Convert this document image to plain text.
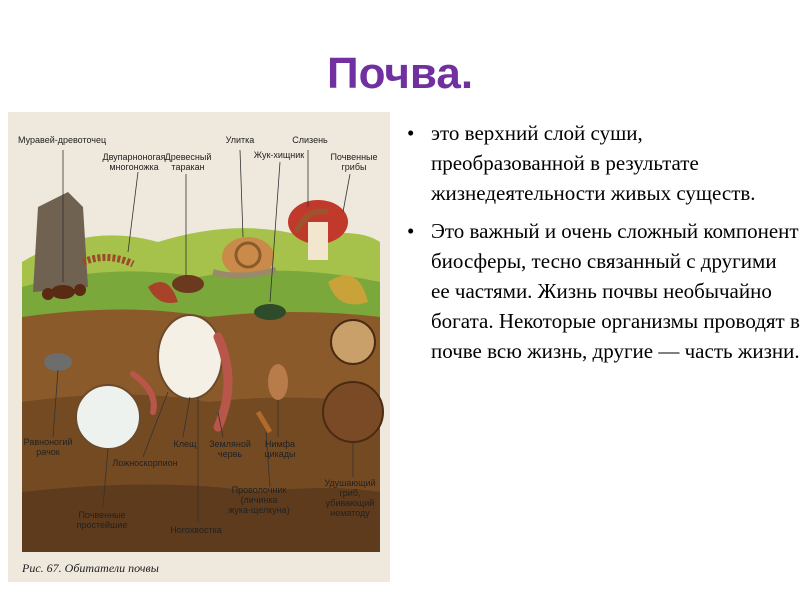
Почва.
Муравей-древоточец
Двупарноногая
многоножка
Древесный
таракан
Улитка
Жук-хищник
Слизень
Почвенные
грибы
Равноногий
рачок
Ложноскорпион
Клещ	Земляной
червь
Нимфа
цикады
Проволочник
(личинка
жука-щелкуна)
Почвенные
простейшие	Ногохвостка
Удушающий
гриб,
убивающий
нематоду
Рис. 67. Обитатели почвы
• это верхний слой суши, преобразованной в результате жизнедеятельности живых существ.
• Это важный и очень сложный компонент биосферы, тесно связанный с другими ее частями. Жизнь почвы необычайно богата. Некоторые организмы проводят в почве всю жизнь, другие — часть жизни.
